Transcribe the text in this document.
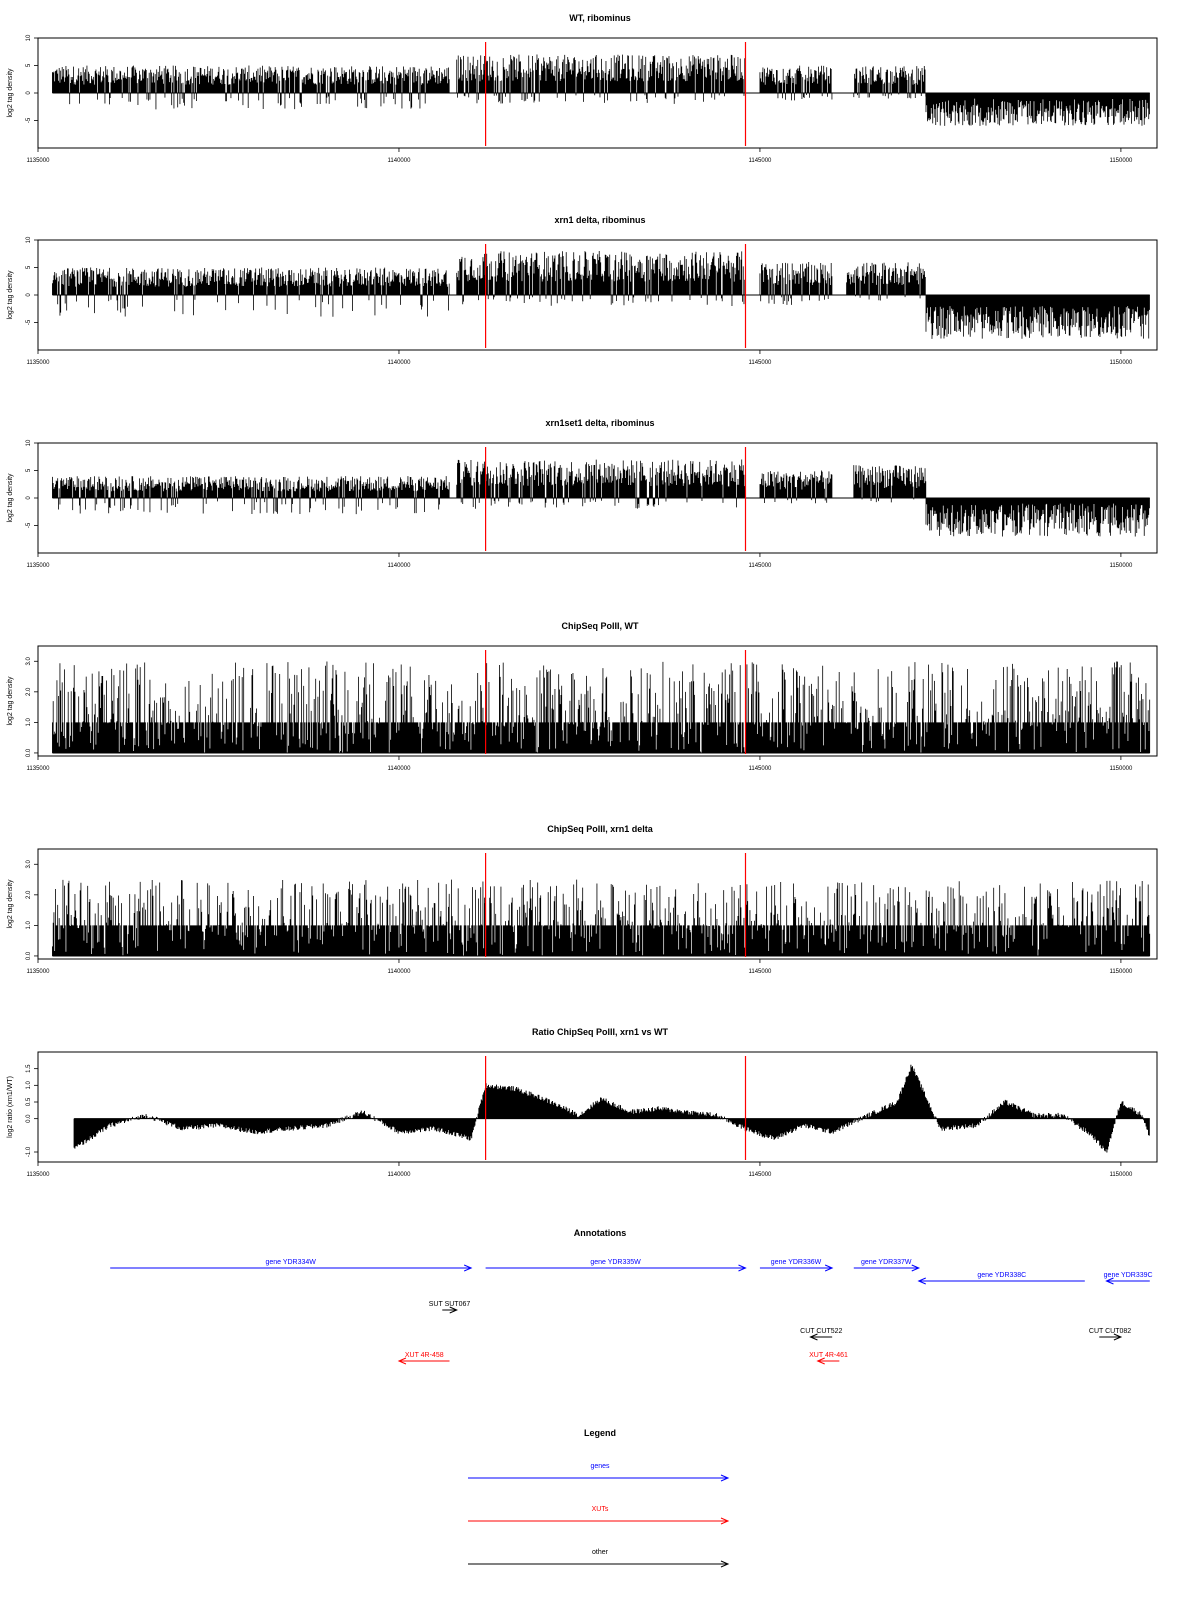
WT, ribominus
-5
0
5
10
log2 tag density
1135000	1140000	1145000	1150000
xrn1 delta, ribominus
-5
0
5
10
log2 tag density
1135000	1140000	1145000	1150000
xrn1set1 delta, ribominus
-5
0
5
10
log2 tag density
1135000	1140000	1145000	1150000
ChipSeq PolII, WT
0.0
1.0
2.0
3.0
log2 tag density
1135000	1140000	1145000	1150000
ChipSeq PolII, xrn1 delta
0.0
1.0
2.0
3.0
log2 tag density
1135000	1140000	1145000	1150000
Ratio ChipSeq PolII, xrn1 vs WT
-1.0
0.0
0.5
1.0
1.5
log2 ratio (xrn1/WT)
1135000	1140000	1145000	1150000
Annotations
gene YDR334W	gene YDR335W	gene YDR336W	gene YDR337W
gene YDR338C	gene YDR339C
SUT SUT067
CUT CUT522	CUT CUT082
XUT 4R-458	XUT 4R-461
Legend
genes
XUTs
other
